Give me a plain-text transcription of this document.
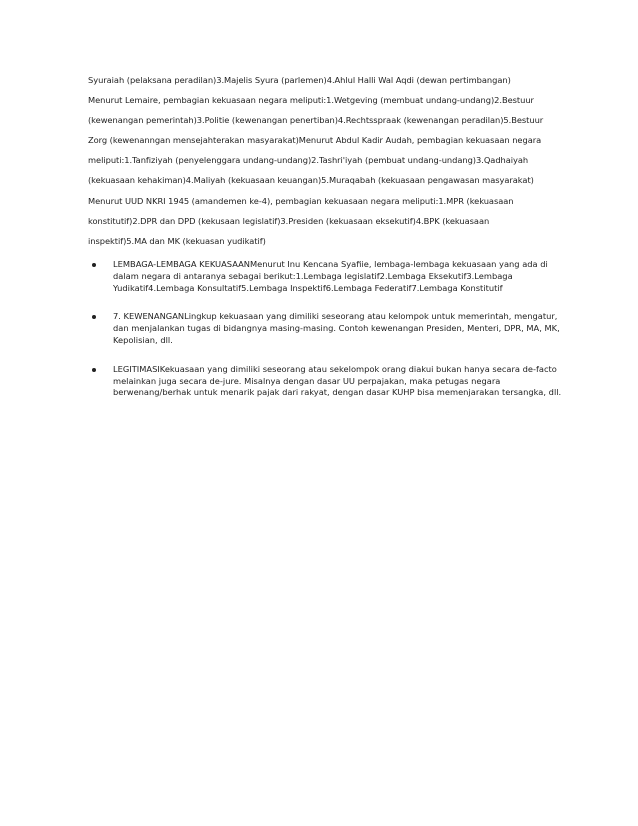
Syuraiah (pelaksana peradilan)3.Majelis Syura (parlemen)4.Ahlul Halli Wal Aqdi (dewan pertimbangan)
Menurut Lemaire, pembagian kekuasaan negara meliputi:1.Wetgeving (membuat undang-undang)2.Bestuur
(kewenangan pemerintah)3.Politie (kewenangan penertiban)4.Rechtsspraak (kewenangan peradilan)5.Bestuur
Zorg (kewenanngan mensejahterakan masyarakat)Menurut Abdul Kadir Audah, pembagian kekuasaan negara
meliputi:1.Tanfiziyah (penyelenggara undang-undang)2.Tashri'iyah (pembuat undang-undang)3.Qadhaiyah
(kekuasaan kehakiman)4.Maliyah (kekuasaan keuangan)5.Muraqabah (kekuasaan pengawasan masyarakat)
Menurut UUD NKRI 1945 (amandemen ke-4), pembagian kekuasaan negara meliputi:1.MPR (kekuasaan
konstitutif)2.DPR dan DPD (kekusaan legislatif)3.Presiden (kekuasaan eksekutif)4.BPK (kekuasaan
inspektif)5.MA dan MK (kekuasan yudikatif)
LEMBAGA-LEMBAGA KEKUASAANMenurut Inu Kencana Syafiie, lembaga-lembaga kekuasaan yang ada di
dalam negara di antaranya sebagai berikut:1.Lembaga legislatif2.Lembaga Eksekutif3.Lembaga
Yudikatif4.Lembaga Konsultatif5.Lembaga Inspektif6.Lembaga Federatif7.Lembaga Konstitutif
7. KEWENANGANLingkup kekuasaan yang dimiliki seseorang atau kelompok untuk memerintah, mengatur,
dan menjalankan tugas di bidangnya masing-masing. Contoh kewenangan Presiden, Menteri, DPR, MA, MK,
Kepolisian, dll.
LEGITIMASIKekuasaan yang dimiliki seseorang atau sekelompok orang diakui bukan hanya secara de-facto
melainkan juga secara de-jure. Misalnya dengan dasar UU perpajakan, maka petugas negara
berwenang/berhak untuk menarik pajak dari rakyat, dengan dasar KUHP bisa memenjarakan tersangka, dll.
